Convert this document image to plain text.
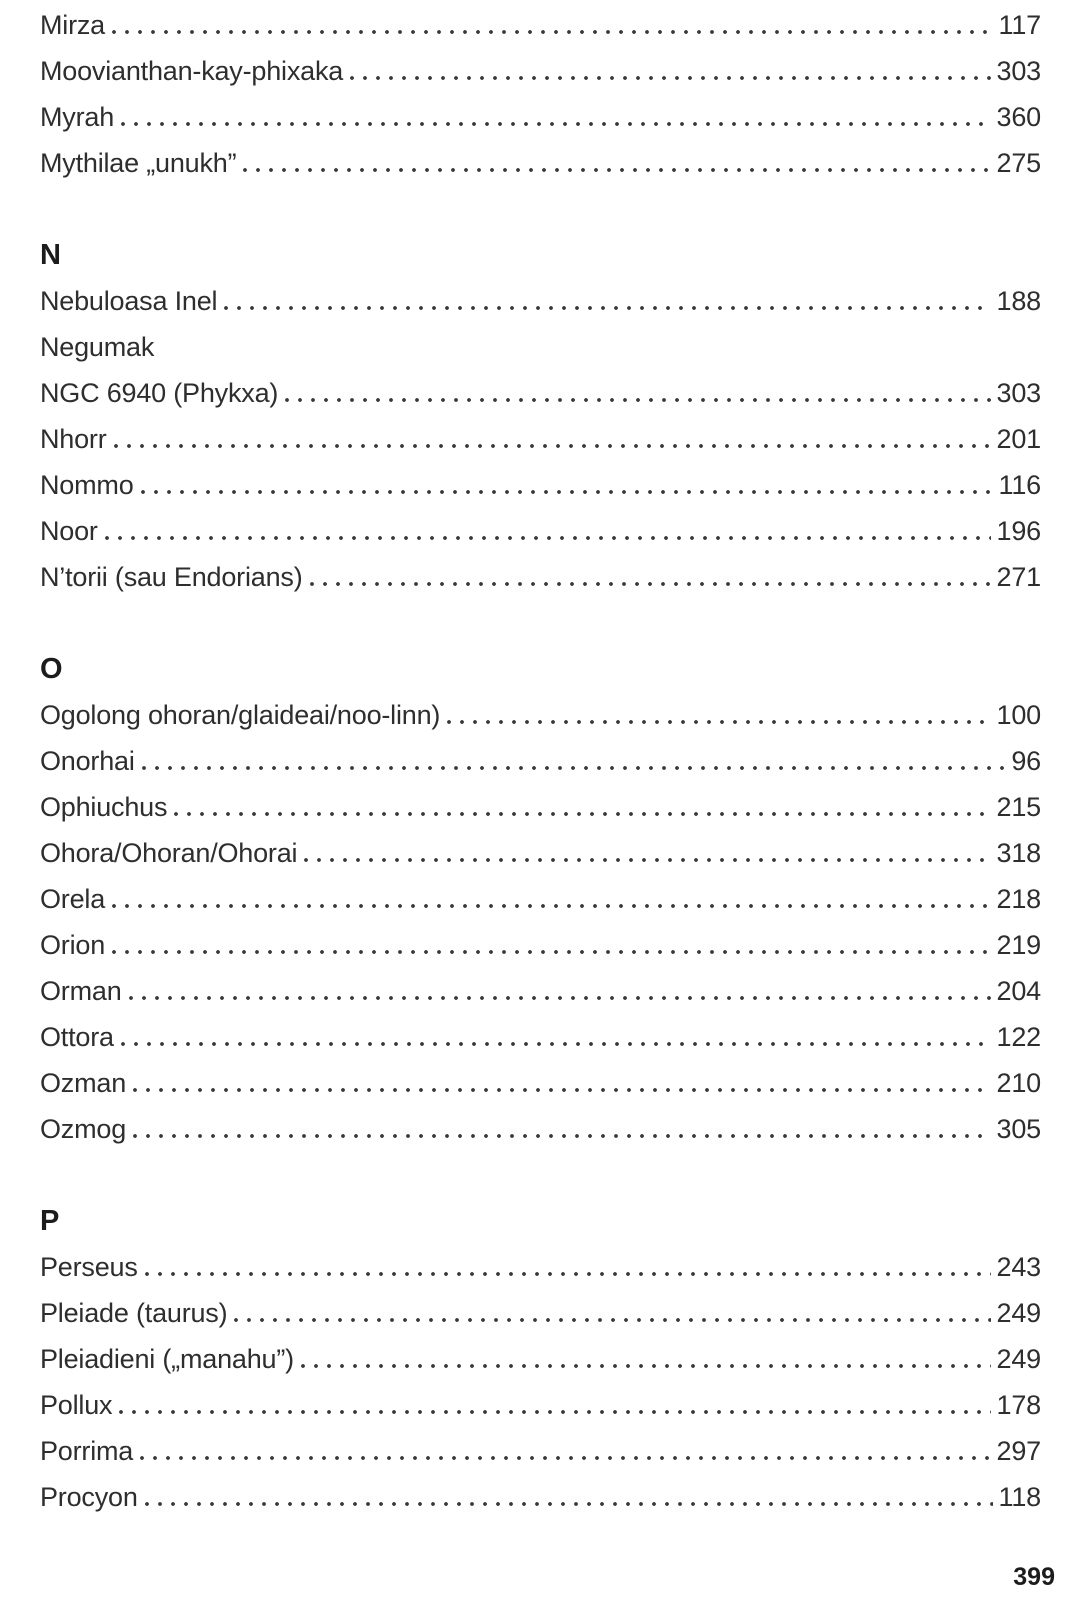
Mirza	117
Moovianthan-kay-phixaka	303
Myrah	360
Mythilae „unukh”	275
N
Nebuloasa Inel	188
Negumak
NGC 6940 (Phykxa)	303
Nhorr	201
Nommo	116
Noor	196
N’torii (sau Endorians)	271
O
Ogolong ohoran/glaideai/noo-linn)	100
Onorhai	96
Ophiuchus	215
Ohora/Ohoran/Ohorai	318
Orela	218
Orion	219
Orman	204
Ottora	122
Ozman	210
Ozmog	305
P
Perseus	243
Pleiade (taurus)	249
Pleiadieni („manahu”)	249
Pollux	178
Porrima	297
Procyon	118
399
